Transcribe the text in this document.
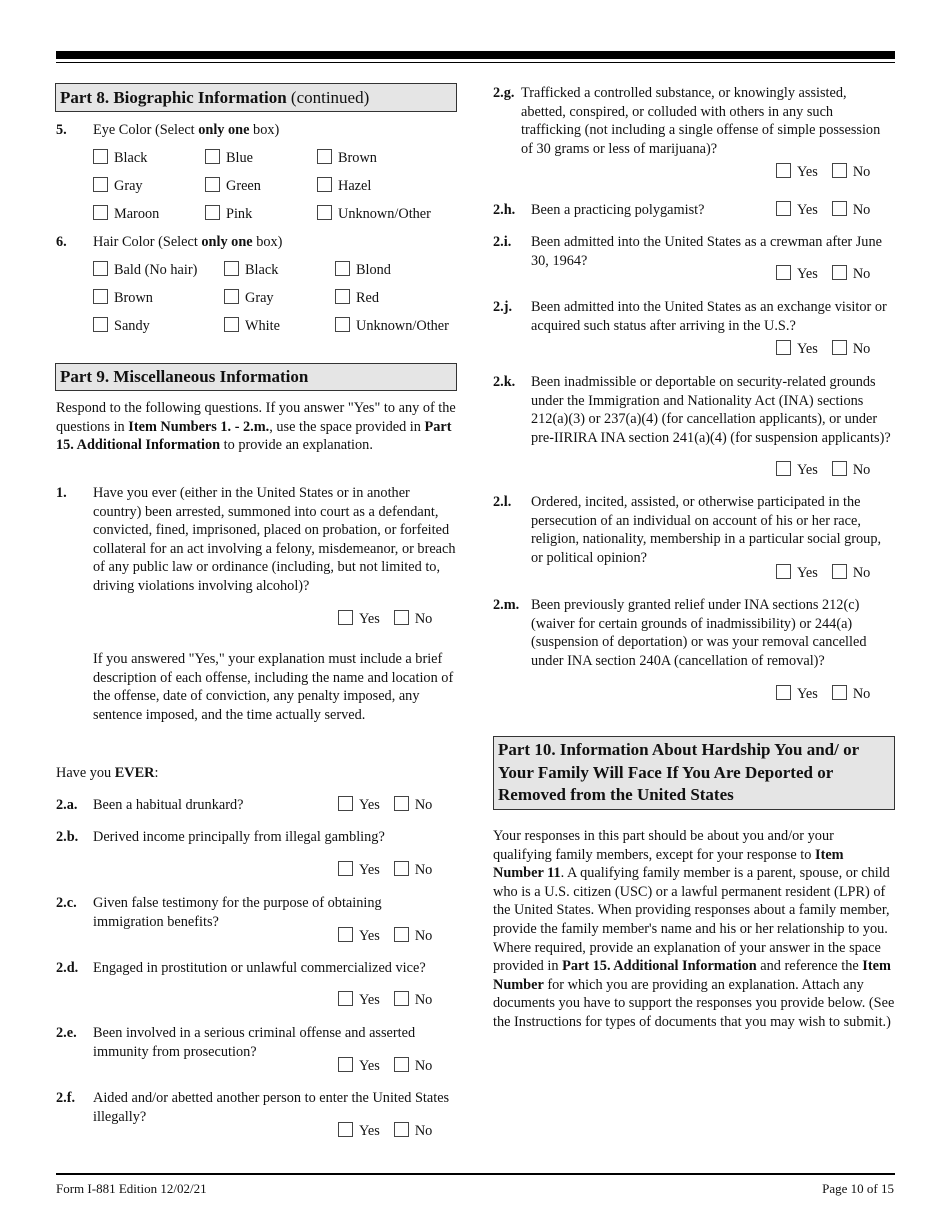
Part 8. Biographic Information (continued)
5. Eye Color (Select only one box)
Black	Blue	Brown
Gray	Green	Hazel
Maroon	Pink	Unknown/Other
6. Hair Color (Select only one box)
Bald (No hair)	Black	Blond
Brown	Gray	Red
Sandy	White	Unknown/Other
Part 9. Miscellaneous Information
Respond to the following questions. If you answer "Yes" to any of the questions in Item Numbers 1. - 2.m., use the space provided in Part 15. Additional Information to provide an explanation.
1. Have you ever (either in the United States or in another country) been arrested, summoned into court as a defendant, convicted, fined, imprisoned, placed on probation, or forfeited collateral for an act involving a felony, misdemeanor, or breach of any public law or ordinance (including, but not limited to, driving violations involving alcohol)?
Yes No
If you answered "Yes," your explanation must include a brief description of each offense, including the name and location of the offense, date of conviction, any penalty imposed, any sentence imposed, and the time actually served.
Have you EVER:
2.a. Been a habitual drunkard?	Yes No
2.b. Derived income principally from illegal gambling?
Yes No
2.c. Given false testimony for the purpose of obtaining immigration benefits?
Yes No
2.d. Engaged in prostitution or unlawful commercialized vice?
Yes No
2.e. Been involved in a serious criminal offense and asserted immunity from prosecution?
Yes No
2.f. Aided and/or abetted another person to enter the United States illegally?
Yes No
2.g. Trafficked a controlled substance, or knowingly assisted, abetted, conspired, or colluded with others in any such trafficking (not including a single offense of simple possession of 30 grams or less of marijuana)?
Yes No
2.h. Been a practicing polygamist?	Yes No
2.i. Been admitted into the United States as a crewman after June 30, 1964?
Yes No
2.j. Been admitted into the United States as an exchange visitor or acquired such status after arriving in the U.S.?
Yes No
2.k. Been inadmissible or deportable on security-related grounds under the Immigration and Nationality Act (INA) sections 212(a)(3) or 237(a)(4) (for cancellation applicants), or under pre-IIRIRA INA section 241(a)(4) (for suspension applicants)?
Yes No
2.l. Ordered, incited, assisted, or otherwise participated in the persecution of an individual on account of his or her race, religion, nationality, membership in a particular social group, or political opinion?
Yes No
2.m. Been previously granted relief under INA sections 212(c) (waiver for certain grounds of inadmissibility) or 244(a) (suspension of deportation) or was your removal cancelled under INA section 240A (cancellation of removal)?
Yes No
Part 10. Information About Hardship You and/ or Your Family Will Face If You Are Deported or Removed from the United States
Your responses in this part should be about you and/or your qualifying family members, except for your response to Item Number 11. A qualifying family member is a parent, spouse, or child who is a U.S. citizen (USC) or a lawful permanent resident (LPR) of the United States. When providing responses about a family member, provide the family member's name and his or her relationship to you. Where required, provide an explanation of your answer in the space provided in Part 15. Additional Information and reference the Item Number for which you are providing an explanation. Attach any documents you have to support the responses you provide below. (See the Instructions for types of documents that you may wish to submit.)
Form I-881 Edition 12/02/21	Page 10 of 15
